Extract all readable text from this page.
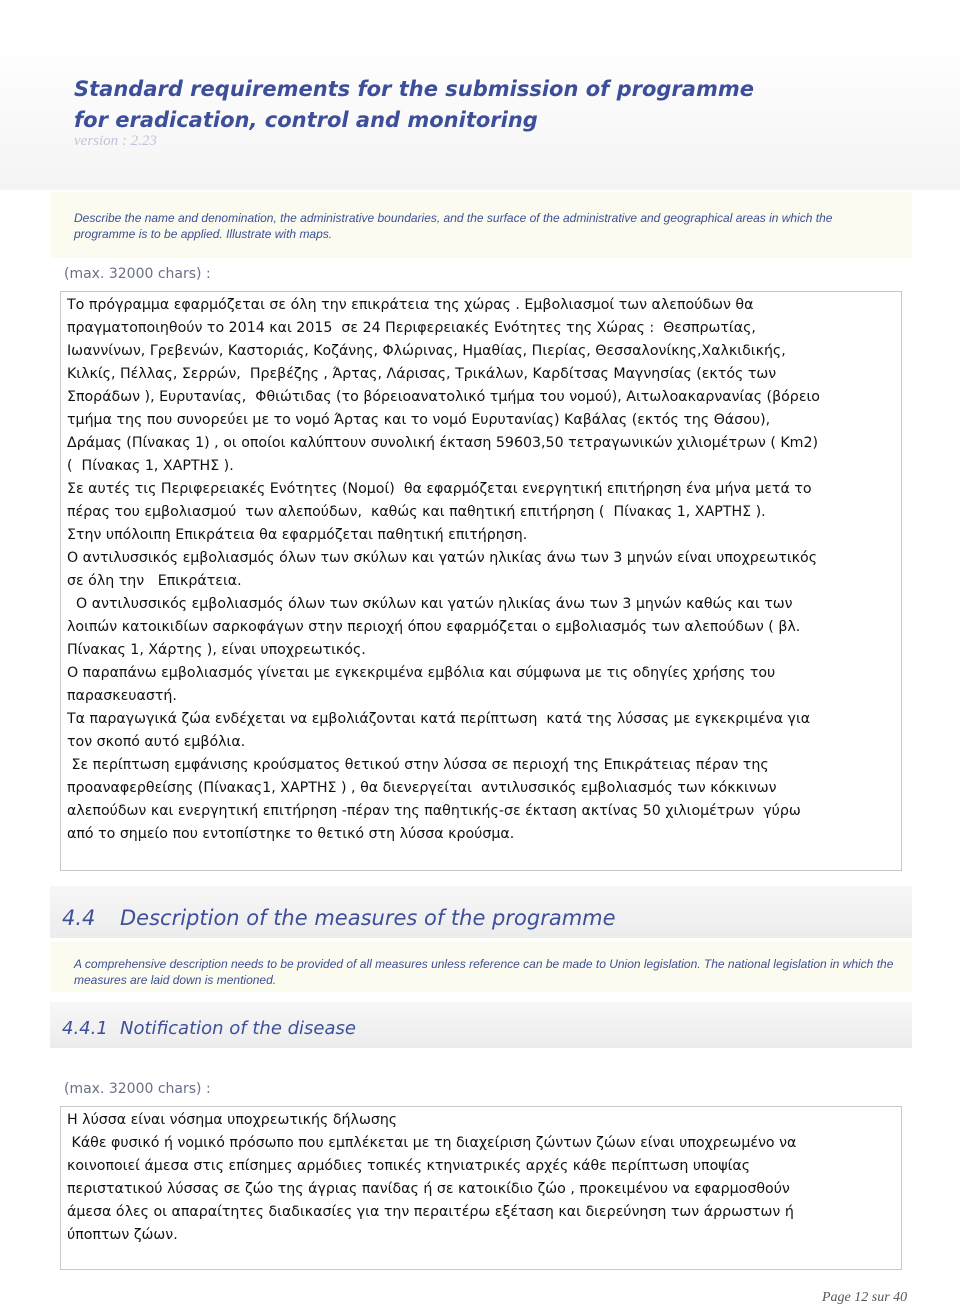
Standard requirements for the submission of programme
for eradication, control and monitoring
version : 2.23
Describe the name and denomination, the administrative boundaries, and the surface of the administrative and geographical areas in which the programme is to be applied. Illustrate with maps.
(max. 32000 chars) :

Το πρόγραμμα εφαρμόζεται σε όλη την επικράτεια της χώρας . Εμβολιασμοί των αλεπούδων θα

πραγματοποιηθούν το 2014 και 2015  σε 24 Περιφερειακές Ενότητες της Χώρας :  Θεσπρωτίας,

Ιωαννίνων, Γρεβενών, Καστοριάς, Κοζάνης, Φλώρινας, Ημαθίας, Πιερίας, Θεσσαλονίκης,Χαλκιδικής,

Κιλκίς, Πέλλας, Σερρών,  Πρεβέζης , Άρτας, Λάρισας, Τρικάλων, Καρδίτσας Μαγνησίας (εκτός των

Σποράδων ), Ευρυτανίας,  Φθιώτιδας (το βόρειοανατολικό τμήμα του νομού), Αιτωλοακαρνανίας (βόρειο

τμήμα της που συνορεύει με το νομό Άρτας και το νομό Ευρυτανίας) Καβάλας (εκτός της Θάσου),

Δράμας (Πίνακας 1) , οι οποίοι καλύπτουν συνολική έκταση 59603,50 τετραγωνικών χιλιομέτρων ( Km2)

(  Πίνακας 1, ΧΑΡΤΗΣ ).

Σε αυτές τις Περιφερειακές Ενότητες (Νομοί)  θα εφαρμόζεται ενεργητική επιτήρηση ένα μήνα μετά το

πέρας του εμβολιασμού  των αλεπούδων,  καθώς και παθητική επιτήρηση (  Πίνακας 1, ΧΑΡΤΗΣ ).

Στην υπόλοιπη Επικράτεια θα εφαρμόζεται παθητική επιτήρηση.

Ο αντιλυσσικός εμβολιασμός όλων των σκύλων και γατών ηλικίας άνω των 3 μηνών είναι υποχρεωτικός

σε όλη την   Επικράτεια.

Ο αντιλυσσικός εμβολιασμός όλων των σκύλων και γατών ηλικίας άνω των 3 μηνών καθώς και των

λοιπών κατοικιδίων σαρκοφάγων στην περιοχή όπου εφαρμόζεται ο εμβολιασμός των αλεπούδων ( βλ.

Πίνακας 1, Χάρτης ), είναι υποχρεωτικός.

Ο παραπάνω εμβολιασμός γίνεται με εγκεκριμένα εμβόλια και σύμφωνα με τις οδηγίες χρήσης του

παρασκευαστή.

Τα παραγωγικά ζώα ενδέχεται να εμβολιάζονται κατά περίπτωση  κατά της λύσσας με εγκεκριμένα για

τον σκοπό αυτό εμβόλια.

Σε περίπτωση εμφάνισης κρούσματος θετικού στην λύσσα σε περιοχή της Επικράτειας πέραν της

προαναφερθείσης (Πίνακας1, ΧΑΡΤΗΣ ) , θα διενεργείται  αντιλυσσικός εμβολιασμός των κόκκινων

αλεπούδων και ενεργητική επιτήρηση -πέραν της παθητικής-σε έκταση ακτίνας 50 χιλιομέτρων  γύρω

από το σημείο που εντοπίστηκε το θετικό στη λύσσα κρούσμα.

4.4 Description of the measures of the programme
A comprehensive description needs to be provided of all measures unless reference can be made to Union legislation. The national legislation in which the measures are laid down is mentioned.
4.4.1 Notification of the disease
(max. 32000 chars) :

Η λύσσα είναι νόσημα υποχρεωτικής δήλωσης

Κάθε φυσικό ή νομικό πρόσωπο που εμπλέκεται με τη διαχείριση ζώντων ζώων είναι υποχρεωμένο να

κοινοποιεί άμεσα στις επίσημες αρμόδιες τοπικές κτηνιατρικές αρχές κάθε περίπτωση υποψίας

περιστατικού λύσσας σε ζώο της άγριας πανίδας ή σε κατοικίδιο ζώο , προκειμένου να εφαρμοσθούν

άμεσα όλες οι απαραίτητες διαδικασίες για την περαιτέρω εξέταση και διερεύνηση των άρρωστων ή

ύποπτων ζώων.

Page 12 sur 40
